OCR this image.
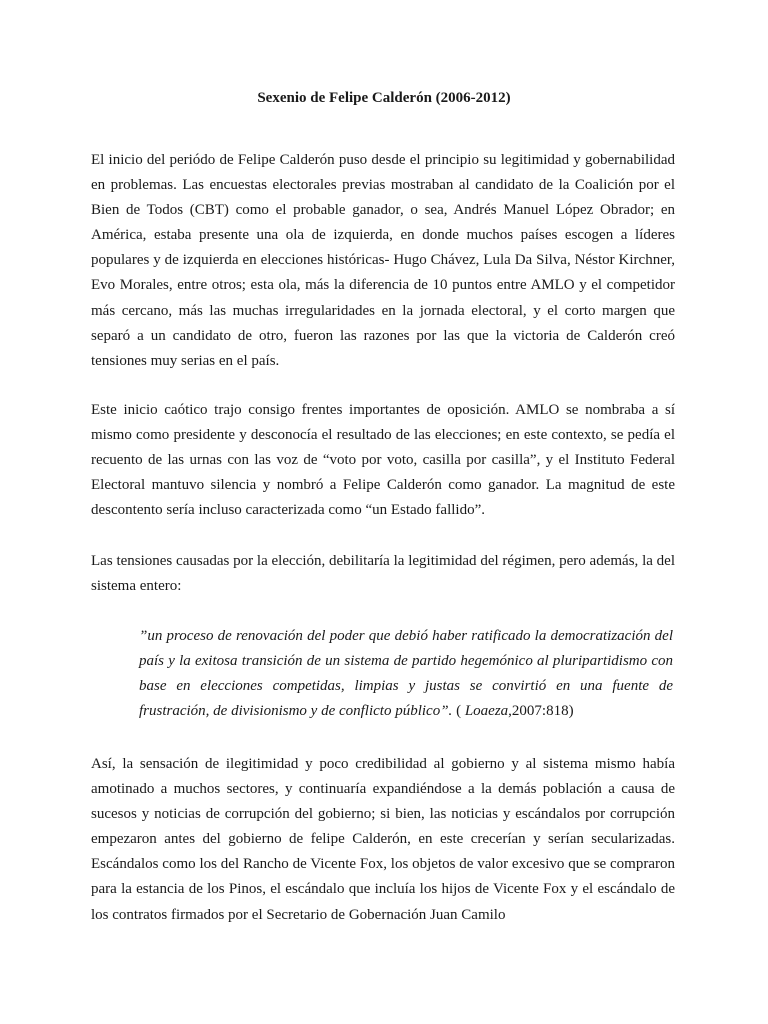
Sexenio de Felipe Calderón (2006-2012)

El inicio del periódo de Felipe Calderón puso desde el principio su legitimidad y gobernabilidad en problemas. Las encuestas electorales previas mostraban al candidato de la Coalición por el Bien de Todos (CBT) como el probable ganador, o sea, Andrés Manuel López Obrador; en América, estaba presente una ola de izquierda, en donde muchos países escogen a líderes populares y de izquierda en elecciones históricas- Hugo Chávez, Lula Da Silva, Néstor Kirchner, Evo Morales, entre otros; esta ola, más la diferencia de 10 puntos entre AMLO y el competidor más cercano, más las muchas irregularidades en la jornada electoral, y el corto margen que separó a un candidato de otro, fueron las razones por las que la victoria de Calderón creó tensiones muy serias en el país.

Este inicio caótico trajo consigo frentes importantes de oposición. AMLO se nombraba a sí mismo como presidente y desconocía el resultado de las elecciones; en este contexto, se pedía el recuento de las urnas con las voz de “voto por voto, casilla por casilla”, y el Instituto Federal Electoral mantuvo silencia y nombró a Felipe Calderón como ganador. La magnitud de este descontento sería incluso caracterizada como “un Estado fallido”.

Las tensiones causadas por la elección, debilitaría la legitimidad del régimen, pero además, la del sistema entero:

”un proceso de renovación del poder que debió haber ratificado la democratización del país y la exitosa transición de un sistema de partido hegemónico al pluripartidismo con base en elecciones competidas, limpias y justas se convirtió en una fuente de frustración, de divisionismo y de conflicto público”. ( Loaeza,2007:818)

Así, la sensación de ilegitimidad y poco credibilidad al gobierno y al sistema mismo había amotinado a muchos sectores, y continuaría expandiéndose a la demás población a causa de sucesos y noticias de corrupción del gobierno; si bien, las noticias y escándalos por corrupción empezaron antes del gobierno de felipe Calderón, en este crecerían y serían secularizadas. Escándalos como los del Rancho de Vicente Fox, los objetos de valor excesivo que se compraron para la estancia de los Pinos, el escándalo que incluía los hijos de Vicente Fox y el escándalo de los contratos firmados por el Secretario de Gobernación Juan Camilo
